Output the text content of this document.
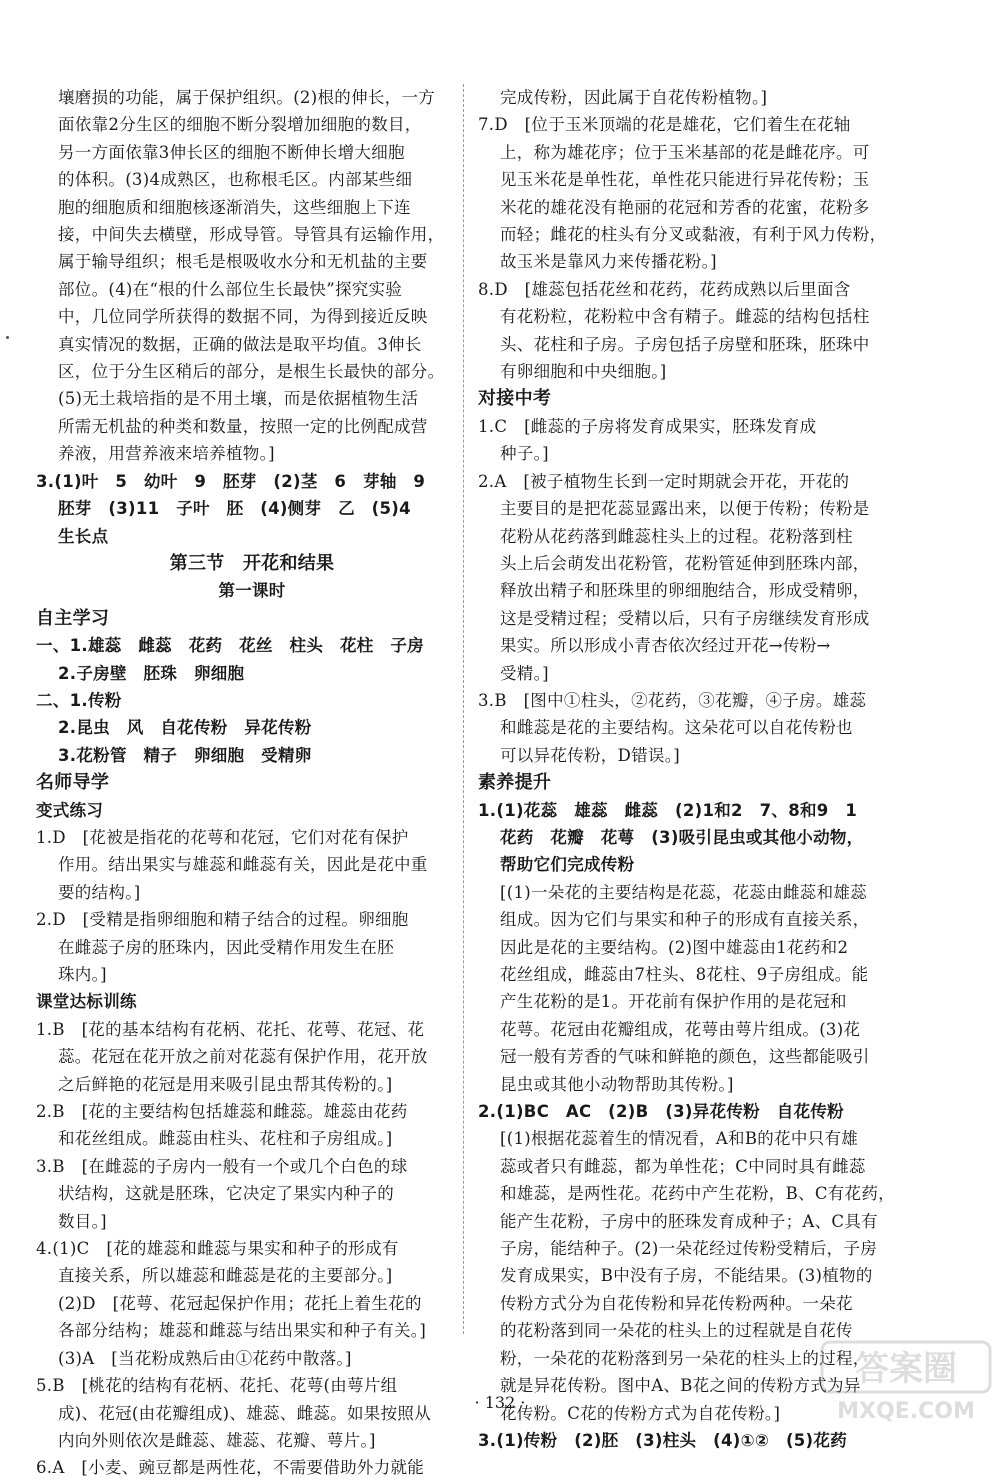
壤磨损的功能，属于保护组织。(2)根的伸长，一方
面依靠2分生区的细胞不断分裂增加细胞的数目，
另一方面依靠3伸长区的细胞不断伸长增大细胞
的体积。(3)4成熟区，也称根毛区。内部某些细
胞的细胞质和细胞核逐渐消失，这些细胞上下连
接，中间失去横壁，形成导管。导管具有运输作用，
属于输导组织；根毛是根吸收水分和无机盐的主要
部位。(4)在“根的什么部位生长最快”探究实验
中，几位同学所获得的数据不同，为得到接近反映
真实情况的数据，正确的做法是取平均值。3伸长
区，位于分生区稍后的部分，是根生长最快的部分。
(5)无土栽培指的是不用土壤，而是依据植物生活
所需无机盐的种类和数量，按照一定的比例配成营
养液，用营养液来培养植物。]
3.(1)叶　5　幼叶　9　胚芽　(2)茎　6　芽轴　9
胚芽　(3)11　子叶　胚　(4)侧芽　乙　(5)4
生长点
第三节　开花和结果
第一课时
自主学习
一、1.雄蕊　雌蕊　花药　花丝　柱头　花柱　子房
2.子房壁　胚珠　卵细胞
二、1.传粉
2.昆虫　风　自花传粉　异花传粉
3.花粉管　精子　卵细胞　受精卵
名师导学
变式练习
1.D　[花被是指花的花萼和花冠，它们对花有保护
作用。结出果实与雄蕊和雌蕊有关，因此是花中重
要的结构。]
2.D　[受精是指卵细胞和精子结合的过程。卵细胞
在雌蕊子房的胚珠内，因此受精作用发生在胚
珠内。]
课堂达标训练
1.B　[花的基本结构有花柄、花托、花萼、花冠、花
蕊。花冠在花开放之前对花蕊有保护作用，花开放
之后鲜艳的花冠是用来吸引昆虫帮其传粉的。]
2.B　[花的主要结构包括雄蕊和雌蕊。雄蕊由花药
和花丝组成。雌蕊由柱头、花柱和子房组成。]
3.B　[在雌蕊的子房内一般有一个或几个白色的球
状结构，这就是胚珠，它决定了果实内种子的
数目。]
4.(1)C　[花的雄蕊和雌蕊与果实和种子的形成有
直接关系，所以雄蕊和雌蕊是花的主要部分。]
(2)D　[花萼、花冠起保护作用；花托上着生花的
各部分结构；雄蕊和雌蕊与结出果实和种子有关。]
(3)A　[当花粉成熟后由①花药中散落。]
5.B　[桃花的结构有花柄、花托、花萼(由萼片组
成)、花冠(由花瓣组成)、雄蕊、雌蕊。如果按照从
内向外则依次是雌蕊、雄蕊、花瓣、萼片。]
6.A　[小麦、豌豆都是两性花，不需要借助外力就能
完成传粉，因此属于自花传粉植物。]
7.D　[位于玉米顶端的花是雄花，它们着生在花轴
上，称为雄花序；位于玉米基部的花是雌花序。可
见玉米花是单性花，单性花只能进行异花传粉；玉
米花的雄花没有艳丽的花冠和芳香的花蜜，花粉多
而轻；雌花的柱头有分叉或黏液，有利于风力传粉，
故玉米是靠风力来传播花粉。]
8.D　[雄蕊包括花丝和花药，花药成熟以后里面含
有花粉粒，花粉粒中含有精子。雌蕊的结构包括柱
头、花柱和子房。子房包括子房壁和胚珠，胚珠中
有卵细胞和中央细胞。]
对接中考
1.C　[雌蕊的子房将发育成果实，胚珠发育成
种子。]
2.A　[被子植物生长到一定时期就会开花，开花的
主要目的是把花蕊显露出来，以便于传粉；传粉是
花粉从花药落到雌蕊柱头上的过程。花粉落到柱
头上后会萌发出花粉管，花粉管延伸到胚珠内部，
释放出精子和胚珠里的卵细胞结合，形成受精卵，
这是受精过程；受精以后，只有子房继续发育形成
果实。所以形成小青杏依次经过开花→传粉→
受精。]
3.B　[图中①柱头，②花药，③花瓣，④子房。雄蕊
和雌蕊是花的主要结构。这朵花可以自花传粉也
可以异花传粉，D错误。]
素养提升
1.(1)花蕊　雄蕊　雌蕊　(2)1和2　7、8和9　1
花药　花瓣　花萼　(3)吸引昆虫或其他小动物，
帮助它们完成传粉
[(1)一朵花的主要结构是花蕊，花蕊由雌蕊和雄蕊
组成。因为它们与果实和种子的形成有直接关系，
因此是花的主要结构。(2)图中雄蕊由1花药和2
花丝组成，雌蕊由7柱头、8花柱、9子房组成。能
产生花粉的是1。开花前有保护作用的是花冠和
花萼。花冠由花瓣组成，花萼由萼片组成。(3)花
冠一般有芳香的气味和鲜艳的颜色，这些都能吸引
昆虫或其他小动物帮助其传粉。]
2.(1)BC　AC　(2)B　(3)异花传粉　自花传粉
[(1)根据花蕊着生的情况看，A和B的花中只有雄
蕊或者只有雌蕊，都为单性花；C中同时具有雌蕊
和雄蕊，是两性花。花药中产生花粉，B、C有花药，
能产生花粉，子房中的胚珠发育成种子；A、C具有
子房，能结种子。(2)一朵花经过传粉受精后，子房
发育成果实，B中没有子房，不能结果。(3)植物的
传粉方式分为自花传粉和异花传粉两种。一朵花
的花粉落到同一朵花的柱头上的过程就是自花传
粉，一朵花的花粉落到另一朵花的柱头上的过程，
就是异花传粉。图中A、B花之间的传粉方式为异
花传粉。C花的传粉方式为自花传粉。]
3.(1)传粉　(2)胚　(3)柱头　(4)①②　(5)花药
· 132 ·
答案圈
MXQE.COM
